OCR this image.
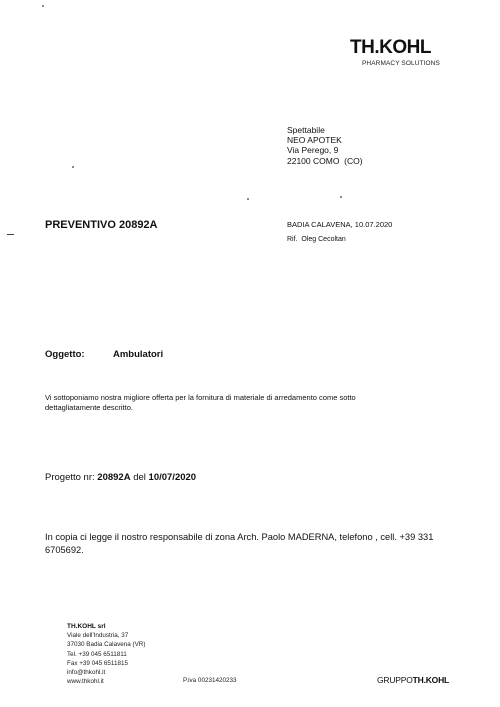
TH.KOHL
PHARMACY SOLUTIONS
Spettabile
NEO APOTEK
Via Perego, 9
22100 COMO  (CO)
PREVENTIVO 20892A	BADIA CALAVENA, 10.07.2020
Rif.  Oleg Cecoltan
Oggetto:	Ambulatori
Vi sottoponiamo nostra migliore offerta per la fornitura di materiale di arredamento come sotto dettagliatamente descritto.
Progetto nr: 20892A del 10/07/2020
In copia ci legge il nostro responsabile di zona Arch. Paolo MADERNA, telefono , cell. +39 331 6705692.
TH.KOHL srl
Viale dell'Industria, 37
37030 Badia Calavena (VR)
Tel. +39 045 6511811
Fax +39 045 6511815
info@thkohl.it
www.thkohl.it	P.iva 00231420233	GRUPPOTH.KOHL
